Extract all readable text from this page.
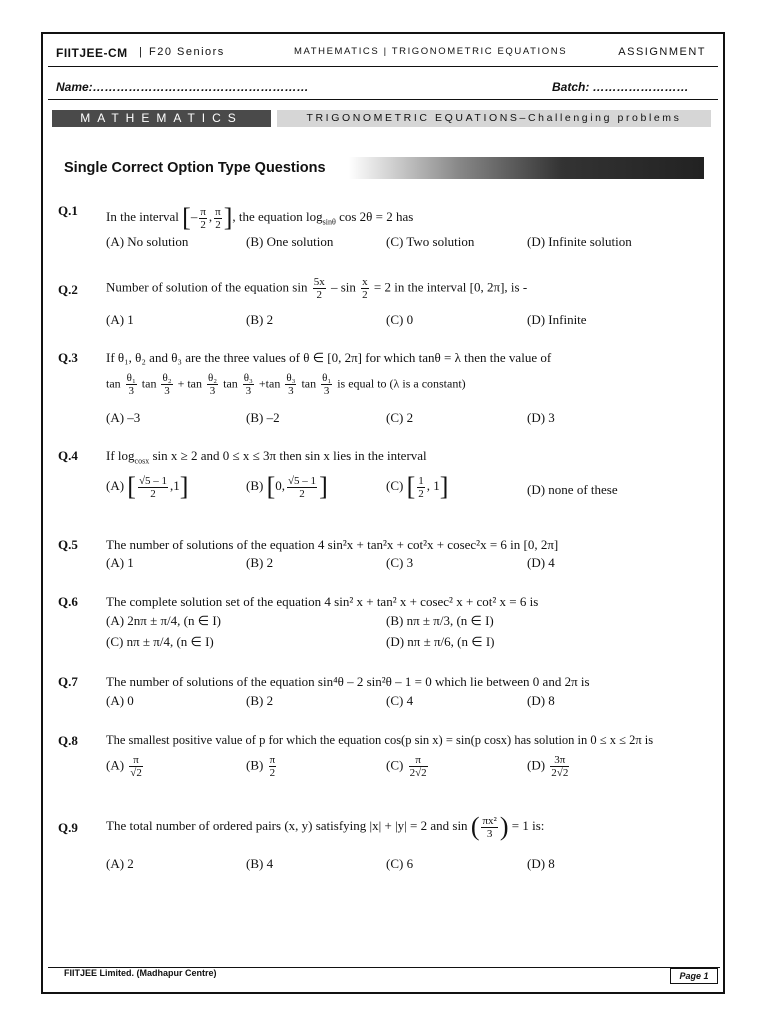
FIITJEE-CM | F20 Seniors	MATHEMATICS | TRIGONOMETRIC EQUATIONS	ASSIGNMENT
Name:………………………………………………	Batch: ……………………
MATHEMATICS	TRIGONOMETRIC EQUATIONS–Challenging problems
Single Correct Option Type Questions
Q.1 In the interval [– $\frac{\pi}{2}$ , $\frac{\pi}{2}$ ], the equation $\log_{sin\theta} \cos 2\theta = 2$ has
(A) No solution	(B) One solution	(C) Two solution	(D) Infinite solution
Q.2 Number of solution of the equation $\sin \frac{5x}{2} - \sin \frac{x}{2} = 2$ in the interval [0, 2π], is -
(A) 1	(B) 2	(C) 0	(D) Infinite
Q.3 If θ₁, θ₂ and θ₃ are the three values of θ ∈ [0, 2π] for which tanθ = λ then the value of
$\tan \frac{\text{θ₁}}{3}$ $\tan \frac{\text{θ₂}}{3} + \tan \frac{\text{θ₂}}{3}$ $\tan \frac{\text{θ₃}}{3} +\tan \frac{\text{θ₃}}{3}$ $\tan \frac{\text{θ₁}}{3}$ is equal to (λ is a constant)
(A) –3	(B) –2	(C) 2	(D) 3
Q.4 If $\log_{cosx} \sin x \ge 2$ and 0 ≤ x ≤ 3π then sin x lies in the interval
(A) [ $\frac{√5 - 1}{2} ,1$]	(B) [0, $\frac{√5 - 1}{2}$ ]	(C) [ $\frac{1}{2}$ , 1]	(D) none of these
Q.5 The number of solutions of the equation 4 sin²x + tan²x + cot²x + cosec²x = 6 in [0, 2π]
(A) 1	(B) 2	(C) 3	(D) 4
Q.6 The complete solution set of the equation 4 sin² x + tan² x + cosec² x + cot² x = 6 is
(A) 2nπ ± π/4, (n ∈ I)	(B) nπ ± π/3, (n ∈ I)
(C) nπ ± π/4, (n ∈ I)	(D) nπ ± π/6, (n ∈ I)
Q.7 The number of solutions of the equation sin⁴θ – 2 sin²θ – 1 = 0 which lie between 0 and 2π is
(A) 0	(B) 2	(C) 4	(D) 8
Q.8 The smallest positive value of p for which the equation cos(p sin x) = sin(p cosx) has solution in 0 ≤ x ≤ 2π is
$(A) \frac{\pi}{√2}$	$(B) \frac{\pi}{2}$	$(C) \frac{\pi}{2√2}$	$(D) \frac{3\pi}{2√2}$
Q.9 The total number of ordered pairs (x, y) satisfying |x| + |y| = 2 and sin ( $\frac{\text{πx²}}{3}$ ) = 1 is:
(A) 2	(B) 4	(C) 6	(D) 8
FIITJEE Limited. (Madhapur Centre)	Page 1
